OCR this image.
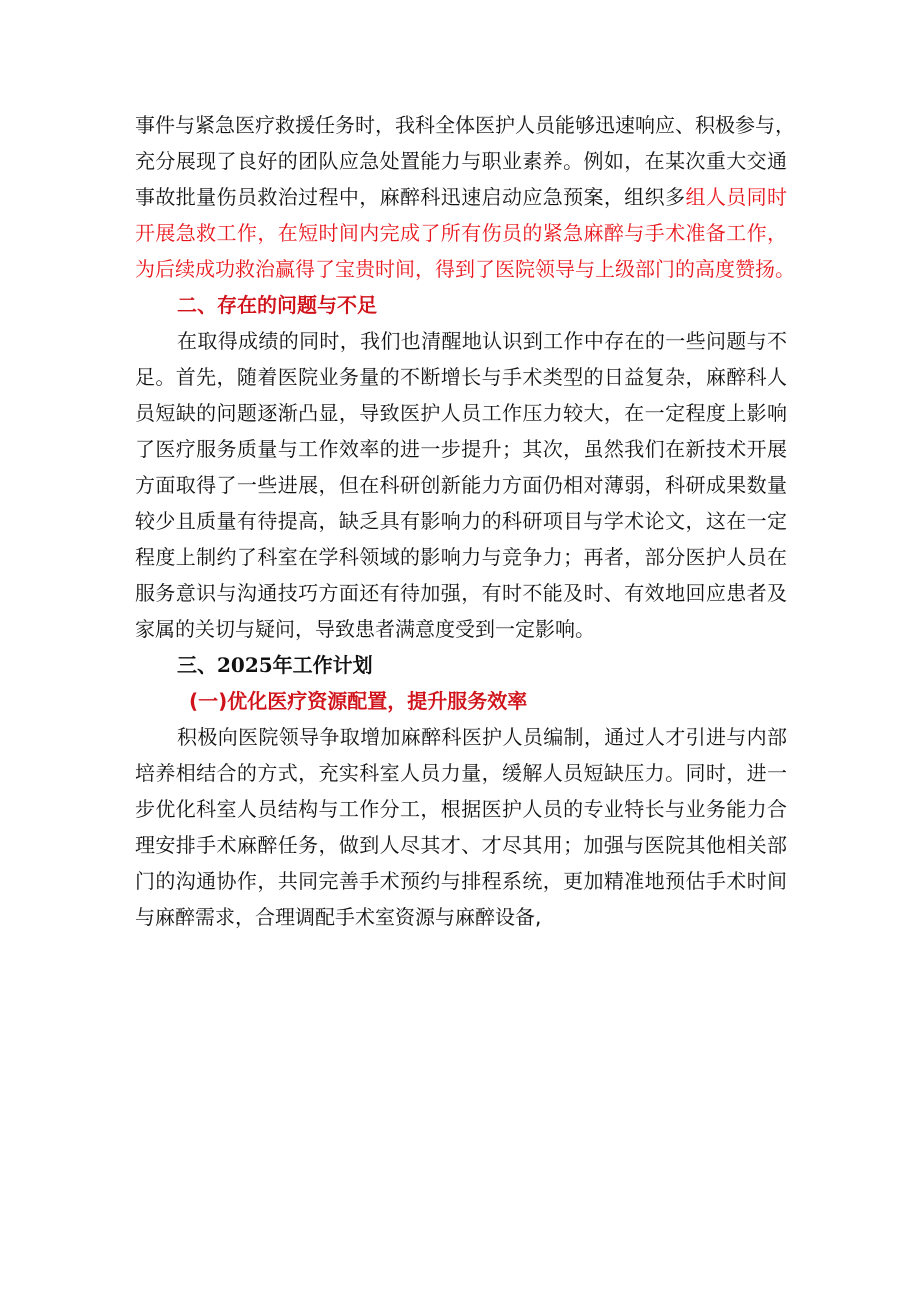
事件与紧急医疗救援任务时，我科全体医护人员能够迅速响应、积极参与，
充分展现了良好的团队应急处置能力与职业素养。例如，在某次重大交通
事故批量伤员救治过程中，麻醉科迅速启动应急预案，组织多组人员同时
开展急救工作，在短时间内完成了所有伤员的紧急麻醉与手术准备工作，
为后续成功救治赢得了宝贵时间，得到了医院领导与上级部门的高度赞扬。
二、存在的问题与不足
在取得成绩的同时，我们也清醒地认识到工作中存在的一些问题与不
足。首先，随着医院业务量的不断增长与手术类型的日益复杂，麻醉科人
员短缺的问题逐渐凸显，导致医护人员工作压力较大，在一定程度上影响
了医疗服务质量与工作效率的进一步提升；其次，虽然我们在新技术开展
方面取得了一些进展，但在科研创新能力方面仍相对薄弱，科研成果数量
较少且质量有待提高，缺乏具有影响力的科研项目与学术论文，这在一定
程度上制约了科室在学科领域的影响力与竞争力；再者，部分医护人员在
服务意识与沟通技巧方面还有待加强，有时不能及时、有效地回应患者及
家属的关切与疑问，导致患者满意度受到一定影响。
三、2025年工作计划
(一)优化医疗资源配置，提升服务效率
积极向医院领导争取增加麻醉科医护人员编制，通过人才引进与内部
培养相结合的方式，充实科室人员力量，缓解人员短缺压力。同时，进一
步优化科室人员结构与工作分工，根据医护人员的专业特长与业务能力合
理安排手术麻醉任务，做到人尽其才、才尽其用；加强与医院其他相关部
门的沟通协作，共同完善手术预约与排程系统，更加精准地预估手术时间
与麻醉需求，合理调配手术室资源与麻醉设备,
